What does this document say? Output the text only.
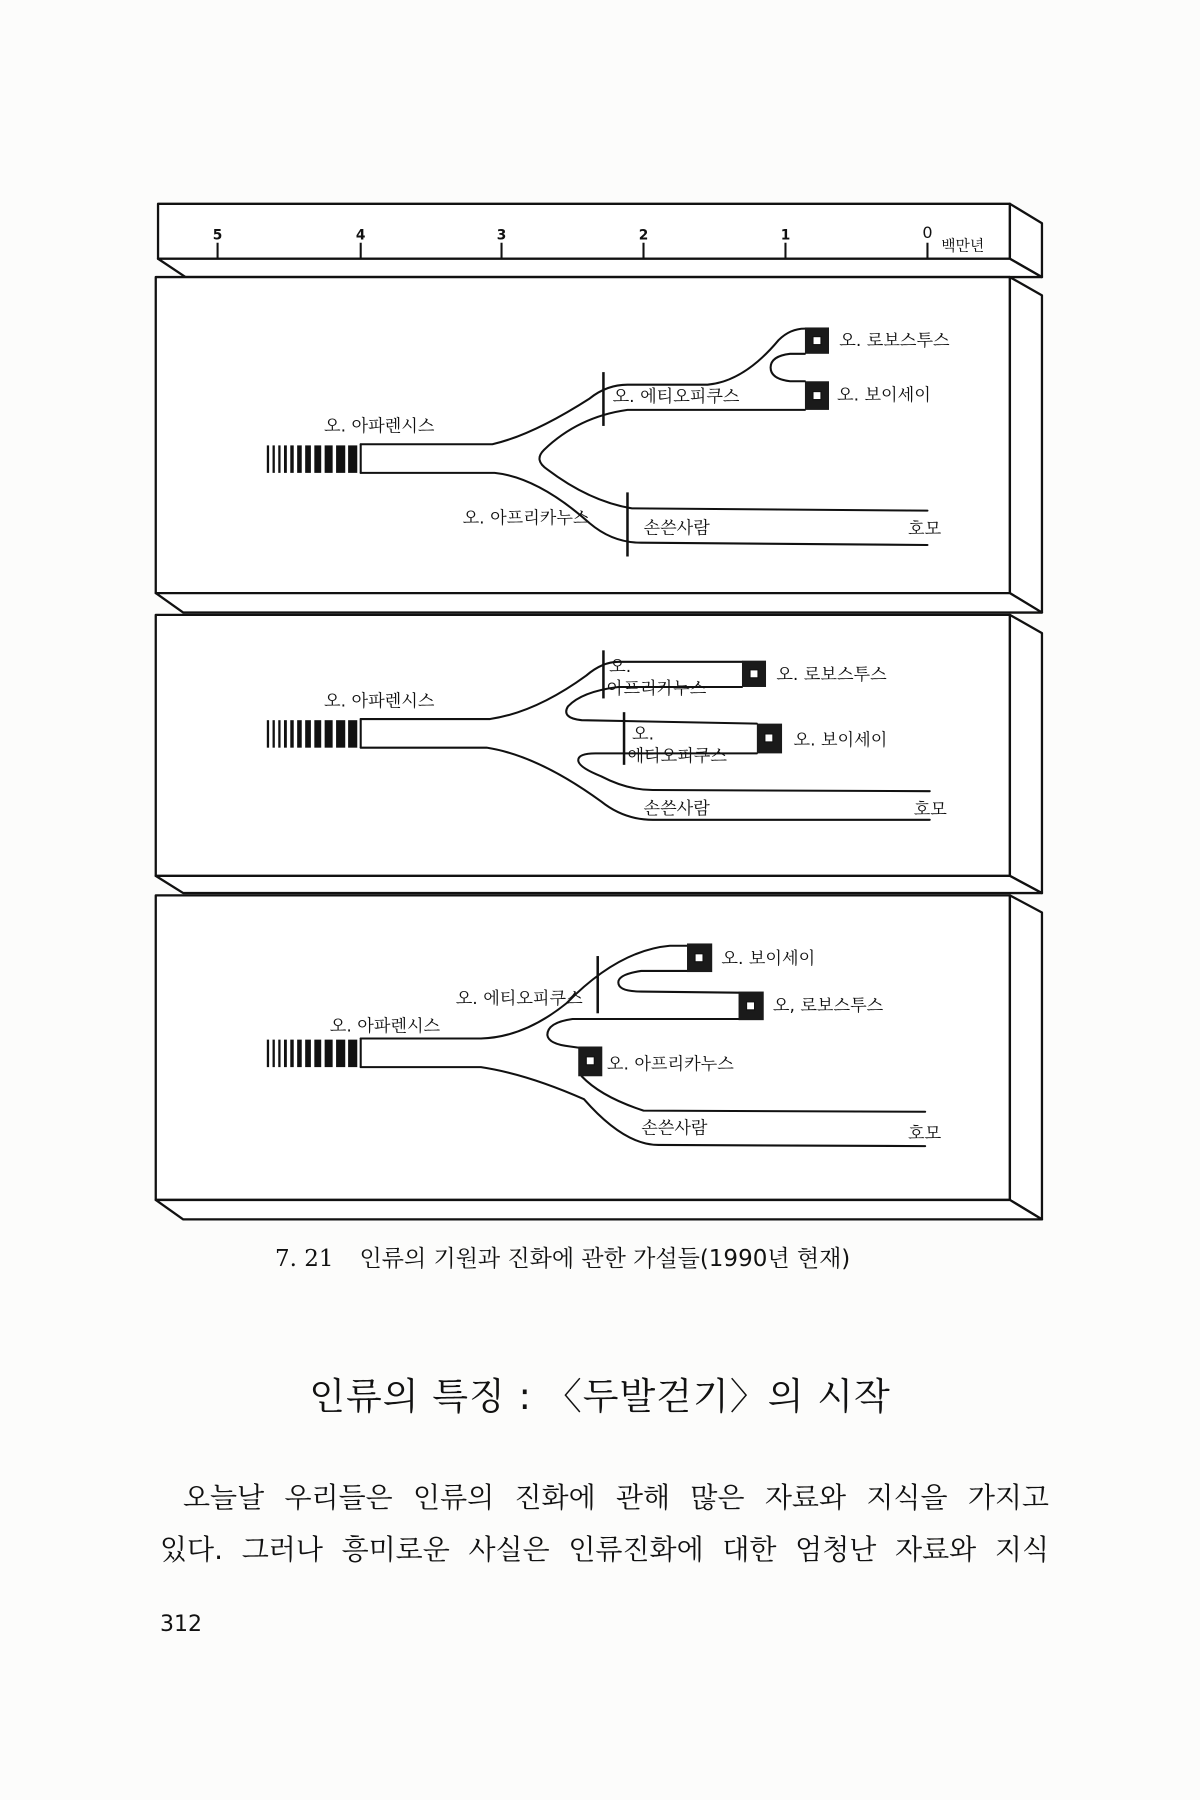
5	4	3	2	1	0
백만년
오. 아파렌시스
오. 에티오피쿠스
오. 로보스투스
오. 보이세이
오. 아프리카누스
손쓴사람	호모
오. 아파렌시스
오.
아프리카누스
오. 로보스투스
오.
에티오피쿠스
오. 보이세이
손쓴사람	호모
오. 에티오피쿠스
오. 아파렌시스
오. 보이세이
오, 로보스투스
오. 아프리카누스
손쓴사람	호모
7. 21 인류의 기원과 진화에 관한 가설들(1990년 현재)
인류의 특징 : 〈두발걷기〉의 시작
오늘날 우리들은 인류의 진화에 관해 많은 자료와 지식을 가지고
있다. 그러나 흥미로운 사실은 인류진화에 대한 엄청난 자료와 지식
312
